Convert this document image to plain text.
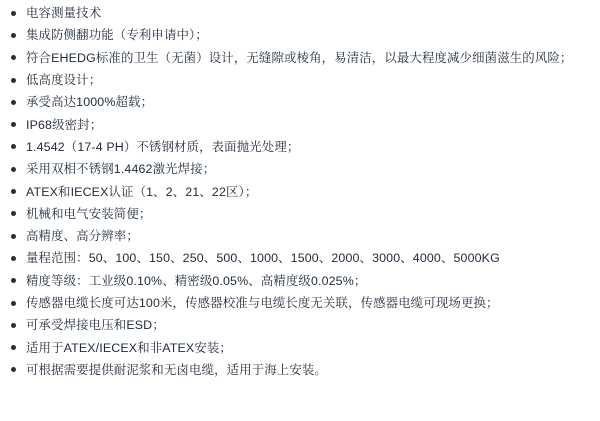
电容测量技术
集成防侧翻功能（专利申请中）；
符合EHEDG标准的卫生（无菌）设计，无缝隙或棱角，易清洁，以最大程度减少细菌滋生的风险；
低高度设计；
承受高达1000%超载；
IP68级密封；
1.4542（17-4 PH）不锈钢材质，表面抛光处理；
采用双相不锈钢1.4462激光焊接；
ATEX和IECEX认证（1、2、21、22区）；
机械和电气安装简便；
高精度、高分辨率；
量程范围：50、100、150、250、500、1000、1500、2000、3000、4000、5000KG
精度等级：工业级0.10%、精密级0.05%、高精度级0.025%；
传感器电缆长度可达100米，传感器校准与电缆长度无关联，传感器电缆可现场更换；
可承受焊接电压和ESD；
适用于ATEX/IECEX和非ATEX安装；
可根据需要提供耐泥浆和无卤电缆，适用于海上安装。
